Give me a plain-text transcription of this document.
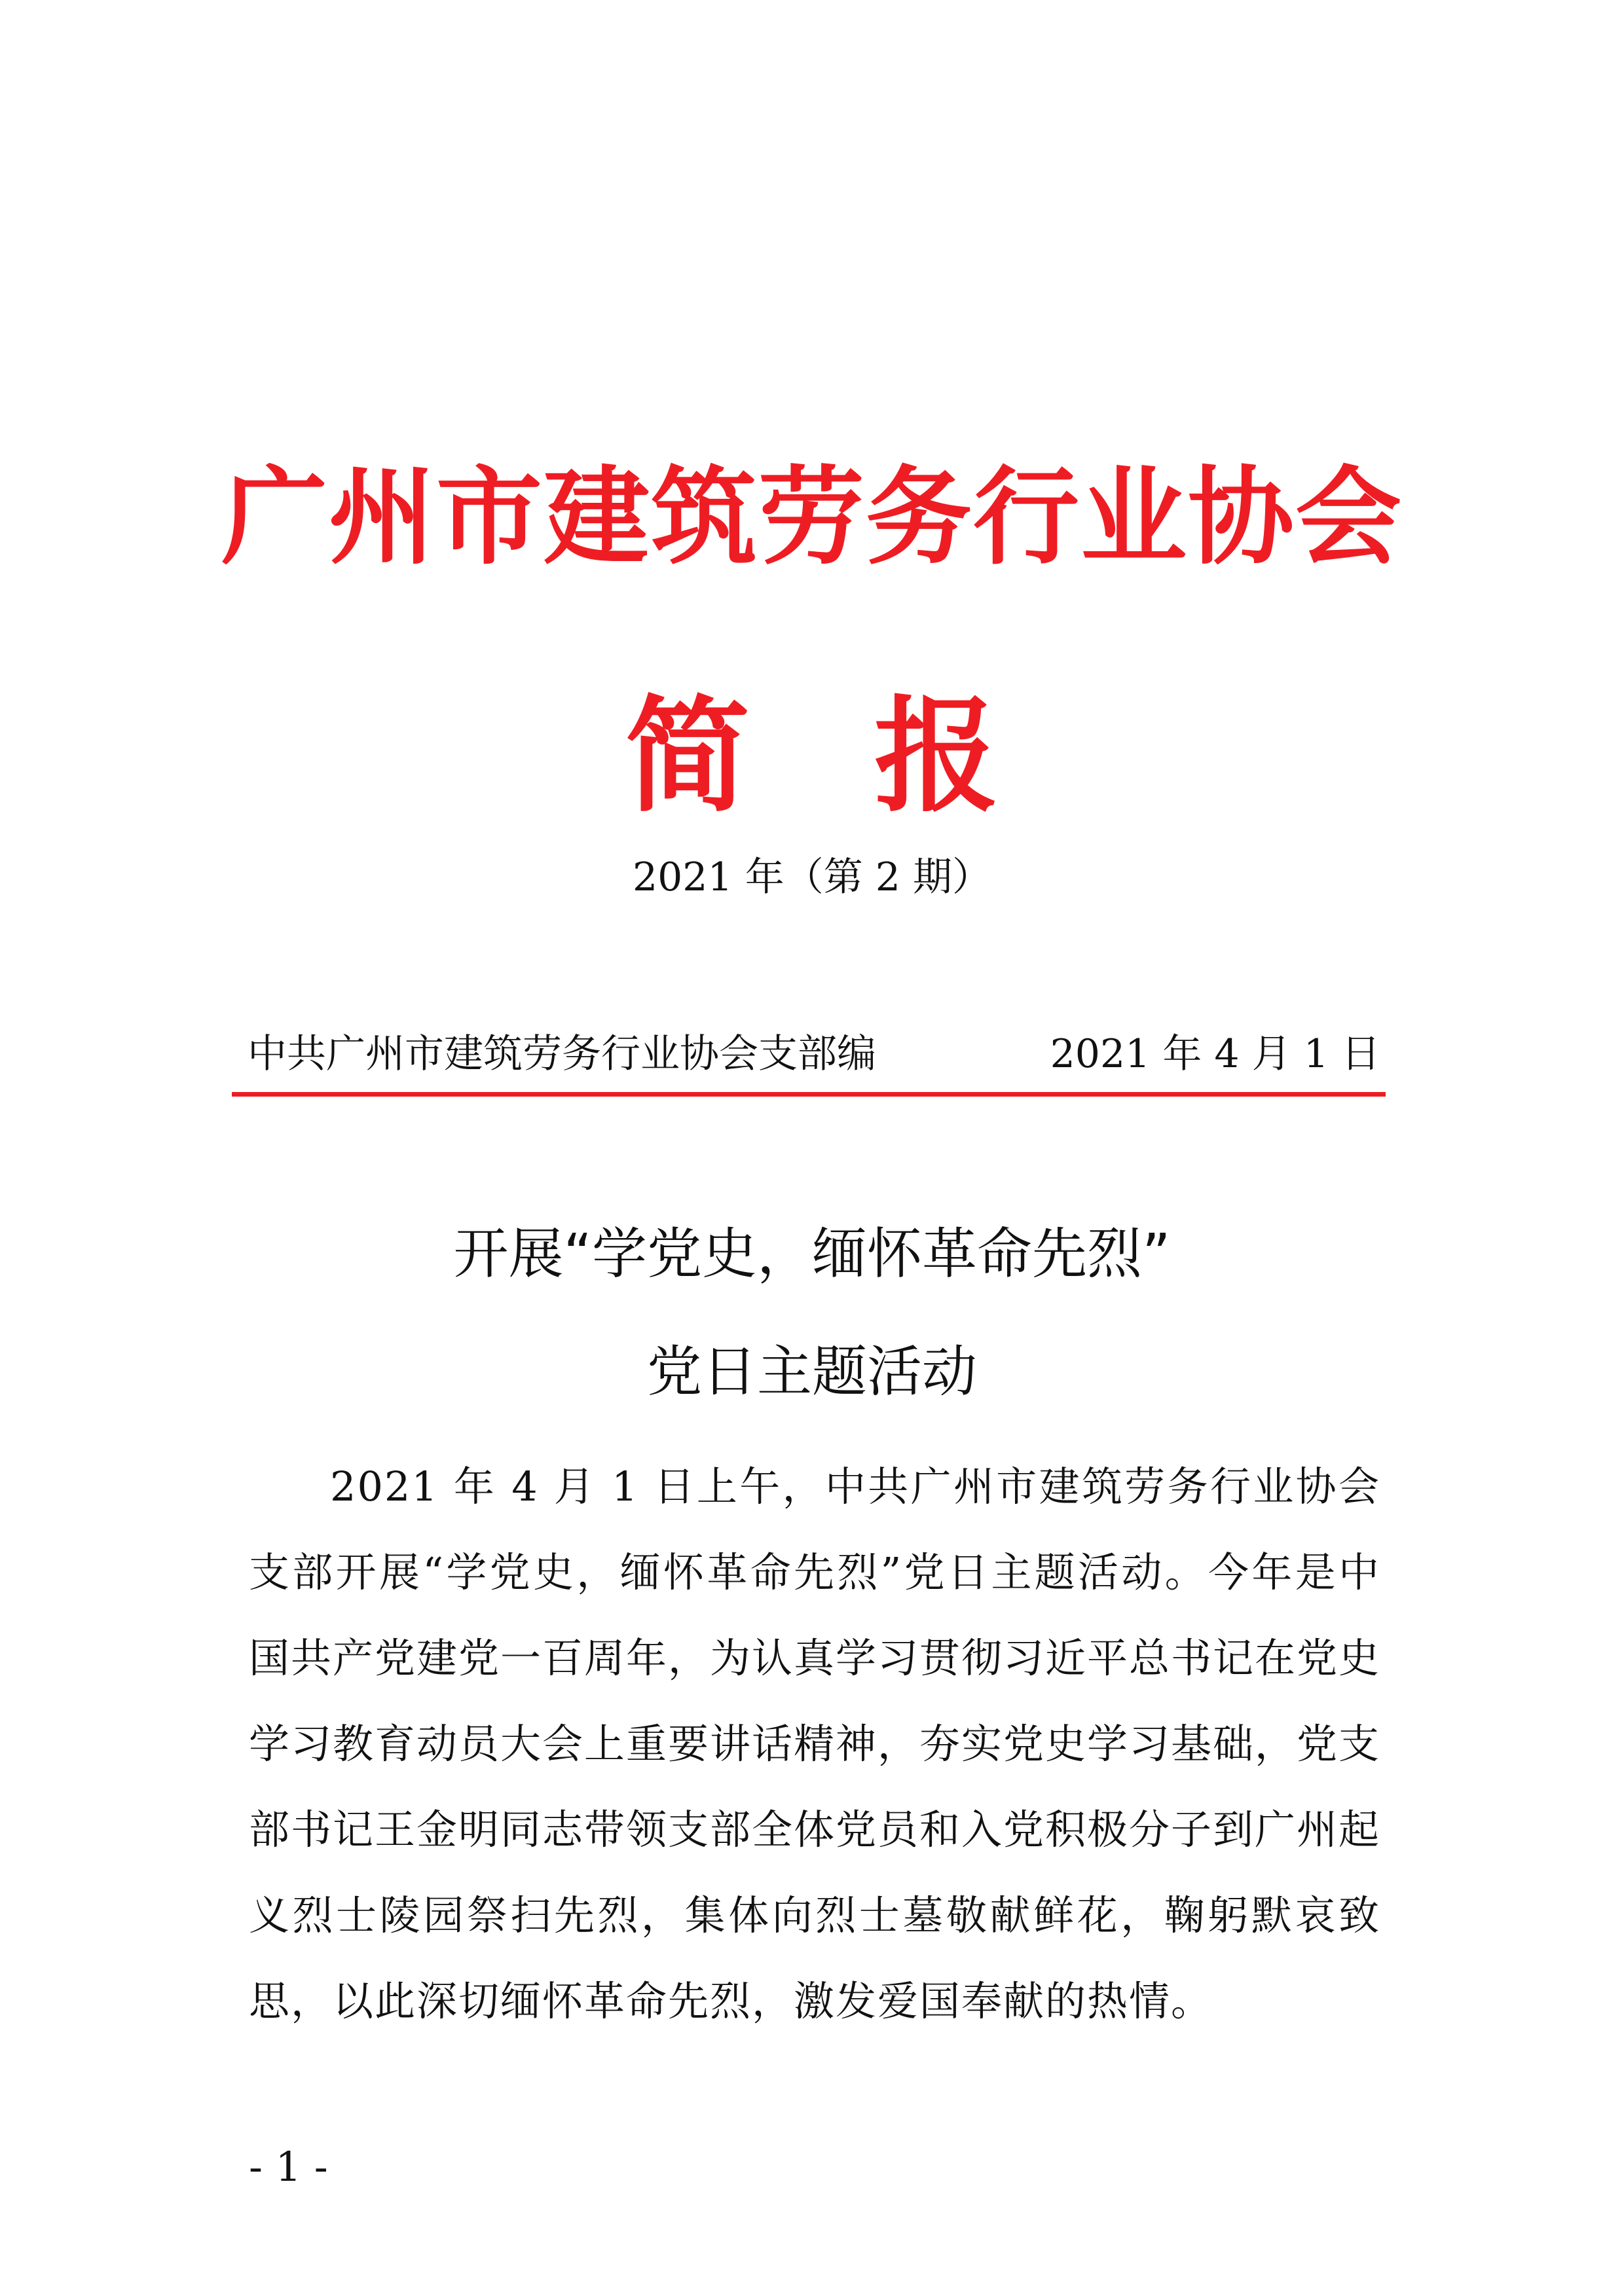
广州市建筑劳务行业协会
简 报
2021 年（第 2 期）
中共广州市建筑劳务行业协会支部编	2021 年 4 月 1 日
开展“学党史，缅怀革命先烈”
党日主题活动

2021 年 4 月 1 日上午，中共广州市建筑劳务行业协会支部开展“学党史，缅怀革命先烈”党日主题活动。今年是中国共产党建党一百周年，为认真学习贯彻习近平总书记在党史学习教育动员大会上重要讲话精神，夯实党史学习基础，党支部书记王金明同志带领支部全体党员和入党积极分子到广州起义烈士陵园祭扫先烈，集体向烈士墓敬献鲜花，鞠躬默哀致思，以此深切缅怀革命先烈，激发爱国奉献的热情。

- 1 -
